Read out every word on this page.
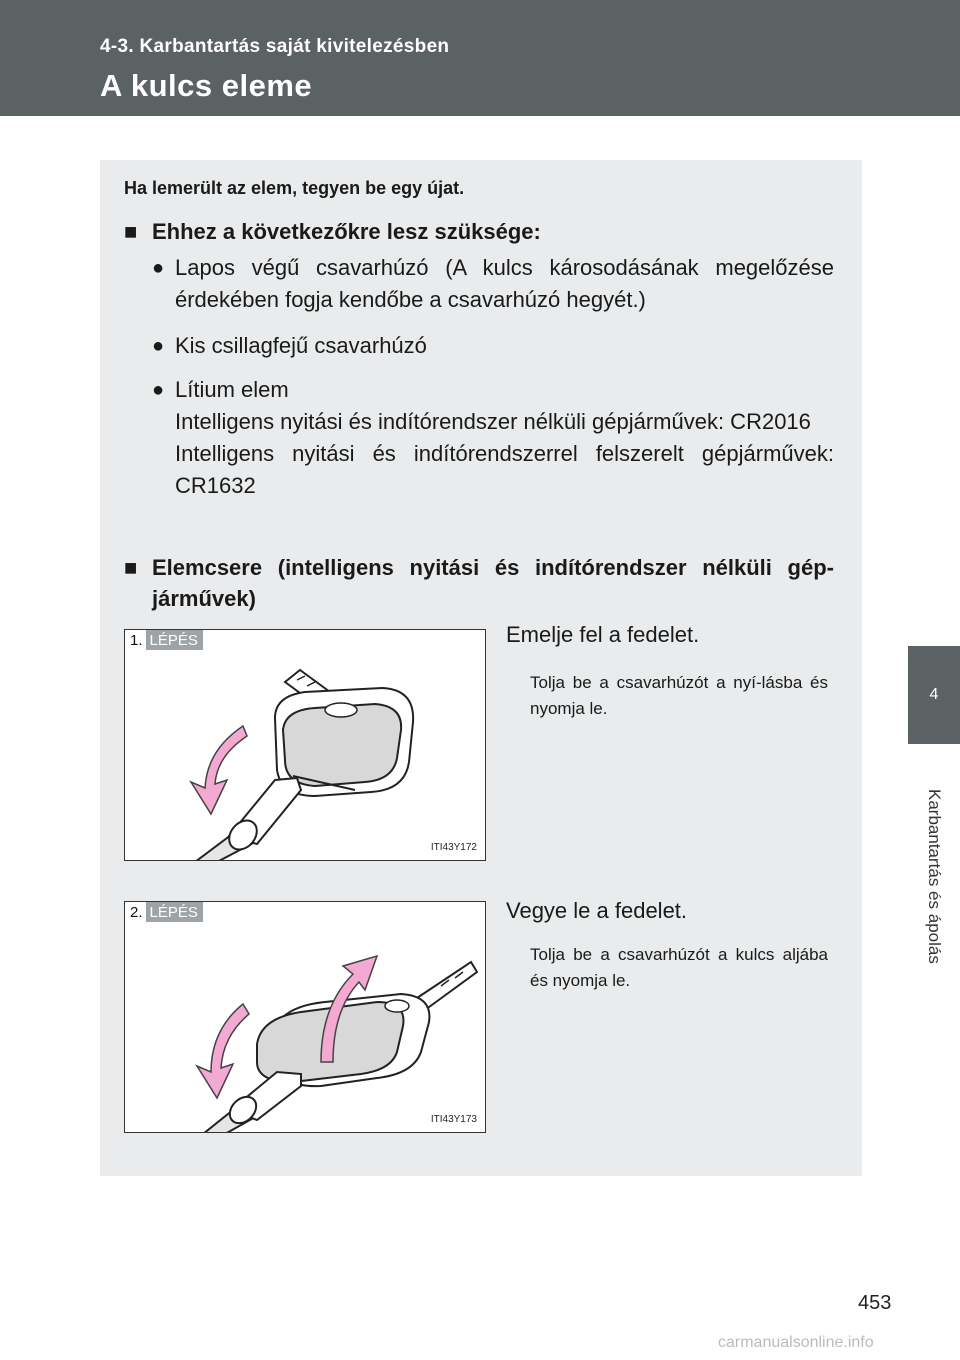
4-3. Karbantartás saját kivitelezésben
A kulcs eleme
4
Karbantartás és ápolás
Ha lemerült az elem, tegyen be egy újat.
■ Ehhez a következőkre lesz szüksége:
● Lapos végű csavarhúzó (A kulcs károsodásának megelőzése érdekében fogja kendőbe a csavarhúzó hegyét.)
● Kis csillagfejű csavarhúzó
● Lítium elem
Intelligens nyitási és indítórendszer nélküli gépjárművek: CR2016
Intelligens nyitási és indítórendszerrel felszerelt gépjárművek: CR1632
■ Elemcsere (intelligens nyitási és indítórendszer nélküli gép-járművek)
1. LÉPÉS
ITI43Y172
Emelje fel a fedelet.
Tolja be a csavarhúzót a nyí-lásba és nyomja le.
2. LÉPÉS
ITI43Y173
Vegye le a fedelet.
Tolja be a csavarhúzót a kulcs aljába és nyomja le.
453
carmanualsonline.info
